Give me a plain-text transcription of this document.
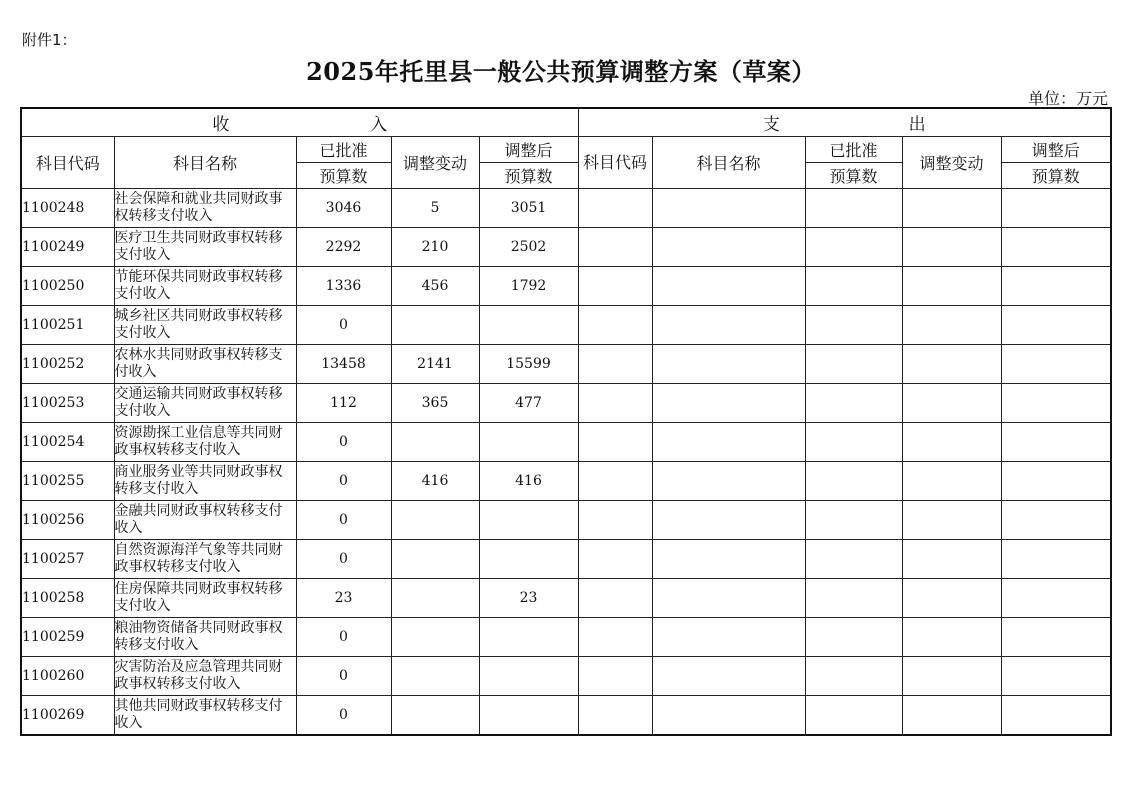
附件1：
2025年托里县一般公共预算调整方案（草案）
单位：万元
收 入					支 出				

科目代码	科目名称	已批准	调整变动	调整后	科目代码	科目名称	已批准	调整变动	调整后
		预算数		预算数			预算数		预算数
1100248	社会保障和就业共同财政事权转移支付收入	3046	5	3051					
1100249	医疗卫生共同财政事权转移支付收入	2292	210	2502					
1100250	节能环保共同财政事权转移支付收入	1336	456	1792					
1100251	城乡社区共同财政事权转移支付收入	0							
1100252	农林水共同财政事权转移支付收入	13458	2141	15599					
1100253	交通运输共同财政事权转移支付收入	112	365	477					
1100254	资源勘探工业信息等共同财政事权转移支付收入	0							
1100255	商业服务业等共同财政事权转移支付收入	0	416	416					
1100256	金融共同财政事权转移支付收入	0							
1100257	自然资源海洋气象等共同财政事权转移支付收入	0							
1100258	住房保障共同财政事权转移支付收入	23		23					
1100259	粮油物资储备共同财政事权转移支付收入	0							
1100260	灾害防治及应急管理共同财政事权转移支付收入	0							
1100269	其他共同财政事权转移支付收入	0							
